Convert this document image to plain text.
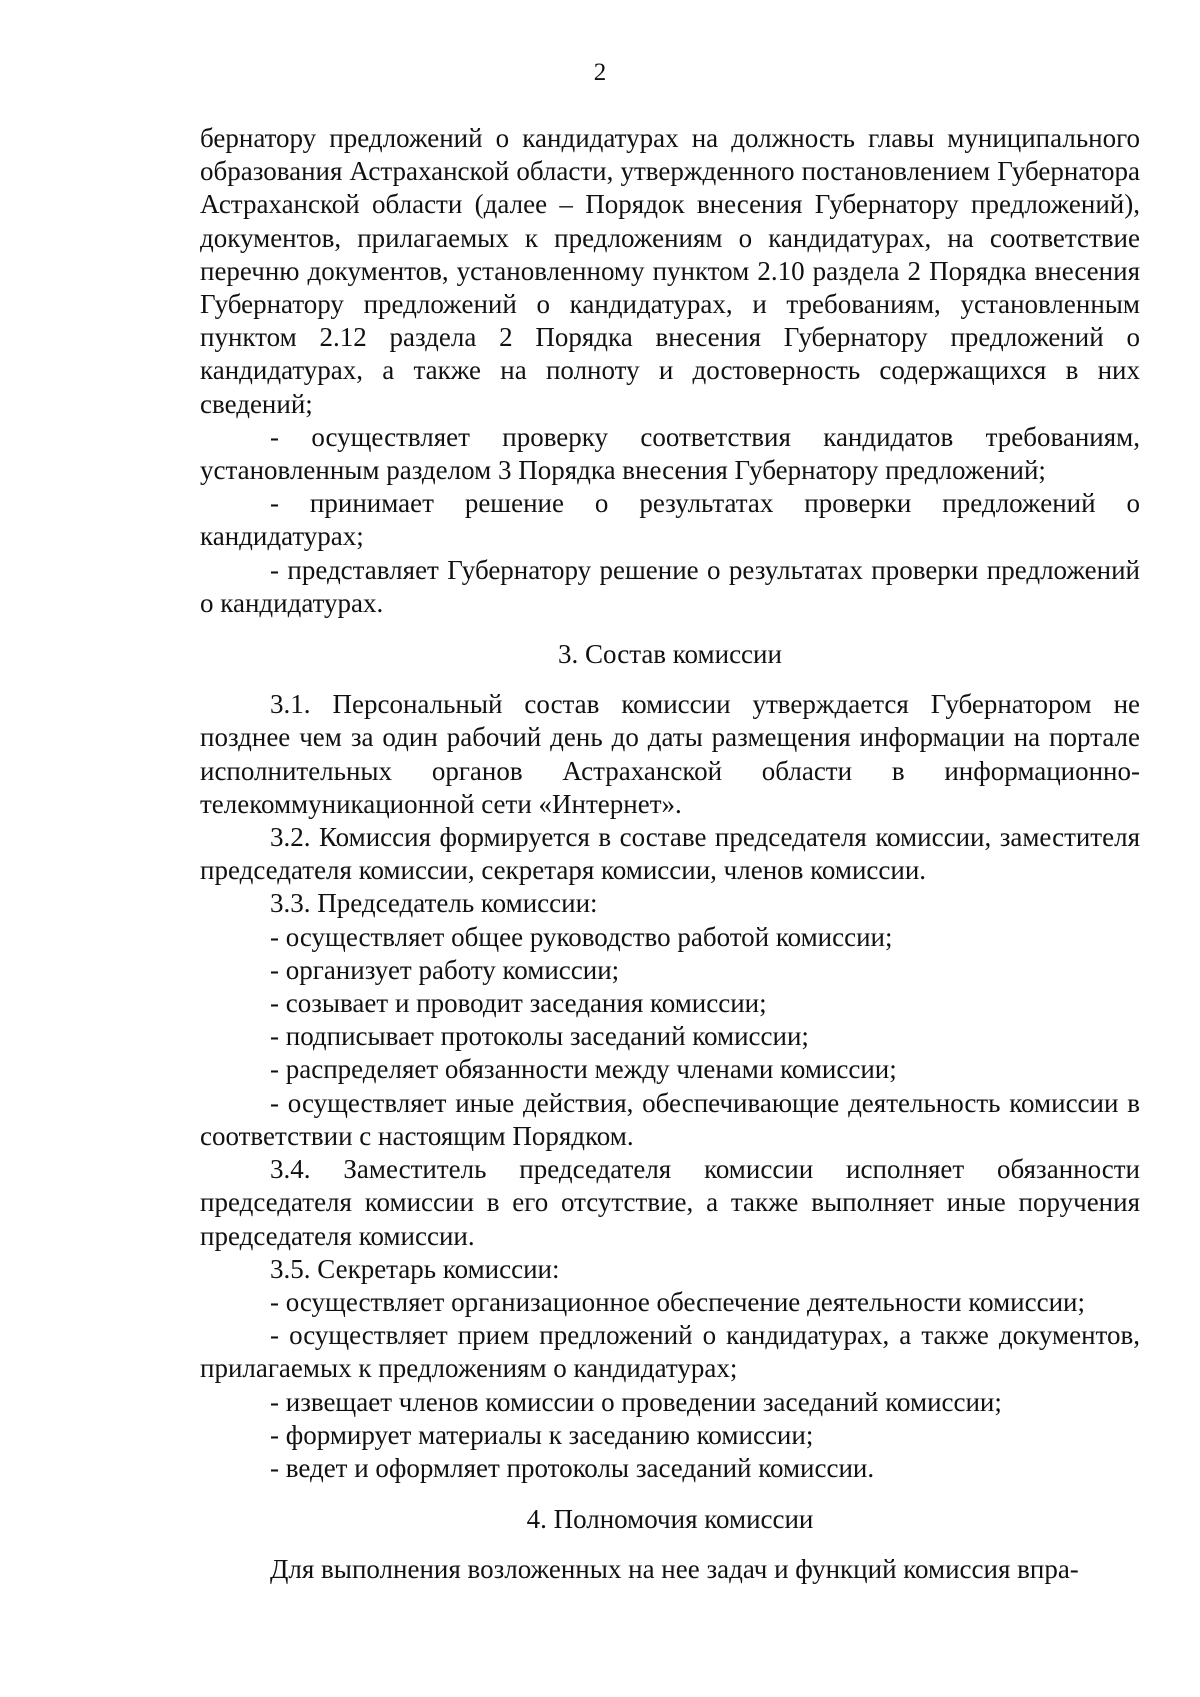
2

бернатору предложений о кандидатурах на должность главы муниципального образования Астраханской области, утвержденного постановлением Губернатора Астраханской области (далее – Порядок внесения Губернатору предложений), документов, прилагаемых к предложениям о кандидатурах, на соответствие перечню документов, установленному пунктом 2.10 раздела 2 Порядка внесения Губернатору предложений о кандидатурах, и требованиям, установленным пунктом 2.12 раздела 2 Порядка внесения Губернатору предложений о кандидатурах, а также на полноту и достоверность содержащихся в них сведений;

- осуществляет проверку соответствия кандидатов требованиям, установленным разделом 3 Порядка внесения Губернатору предложений;

- принимает решение о результатах проверки предложений о кандидатурах;

- представляет Губернатору решение о результатах проверки предложений о кандидатурах.

3. Состав комиссии

3.1. Персональный состав комиссии утверждается Губернатором не позднее чем за один рабочий день до даты размещения информации на портале исполнительных органов Астраханской области в информационно-телекоммуникационной сети «Интернет».

3.2. Комиссия формируется в составе председателя комиссии, заместителя председателя комиссии, секретаря комиссии, членов комиссии.

3.3. Председатель комиссии:

- осуществляет общее руководство работой комиссии;

- организует работу комиссии;

- созывает и проводит заседания комиссии;

- подписывает протоколы заседаний комиссии;

- распределяет обязанности между членами комиссии;

- осуществляет иные действия, обеспечивающие деятельность комиссии в соответствии с настоящим Порядком.

3.4. Заместитель председателя комиссии исполняет обязанности председателя комиссии в его отсутствие, а также выполняет иные поручения председателя комиссии.

3.5. Секретарь комиссии:

- осуществляет организационное обеспечение деятельности комиссии;

- осуществляет прием предложений о кандидатурах, а также документов, прилагаемых к предложениям о кандидатурах;

- извещает членов комиссии о проведении заседаний комиссии;

- формирует материалы к заседанию комиссии;

- ведет и оформляет протоколы заседаний комиссии.

4. Полномочия комиссии

Для выполнения возложенных на нее задач и функций комиссия впра-
